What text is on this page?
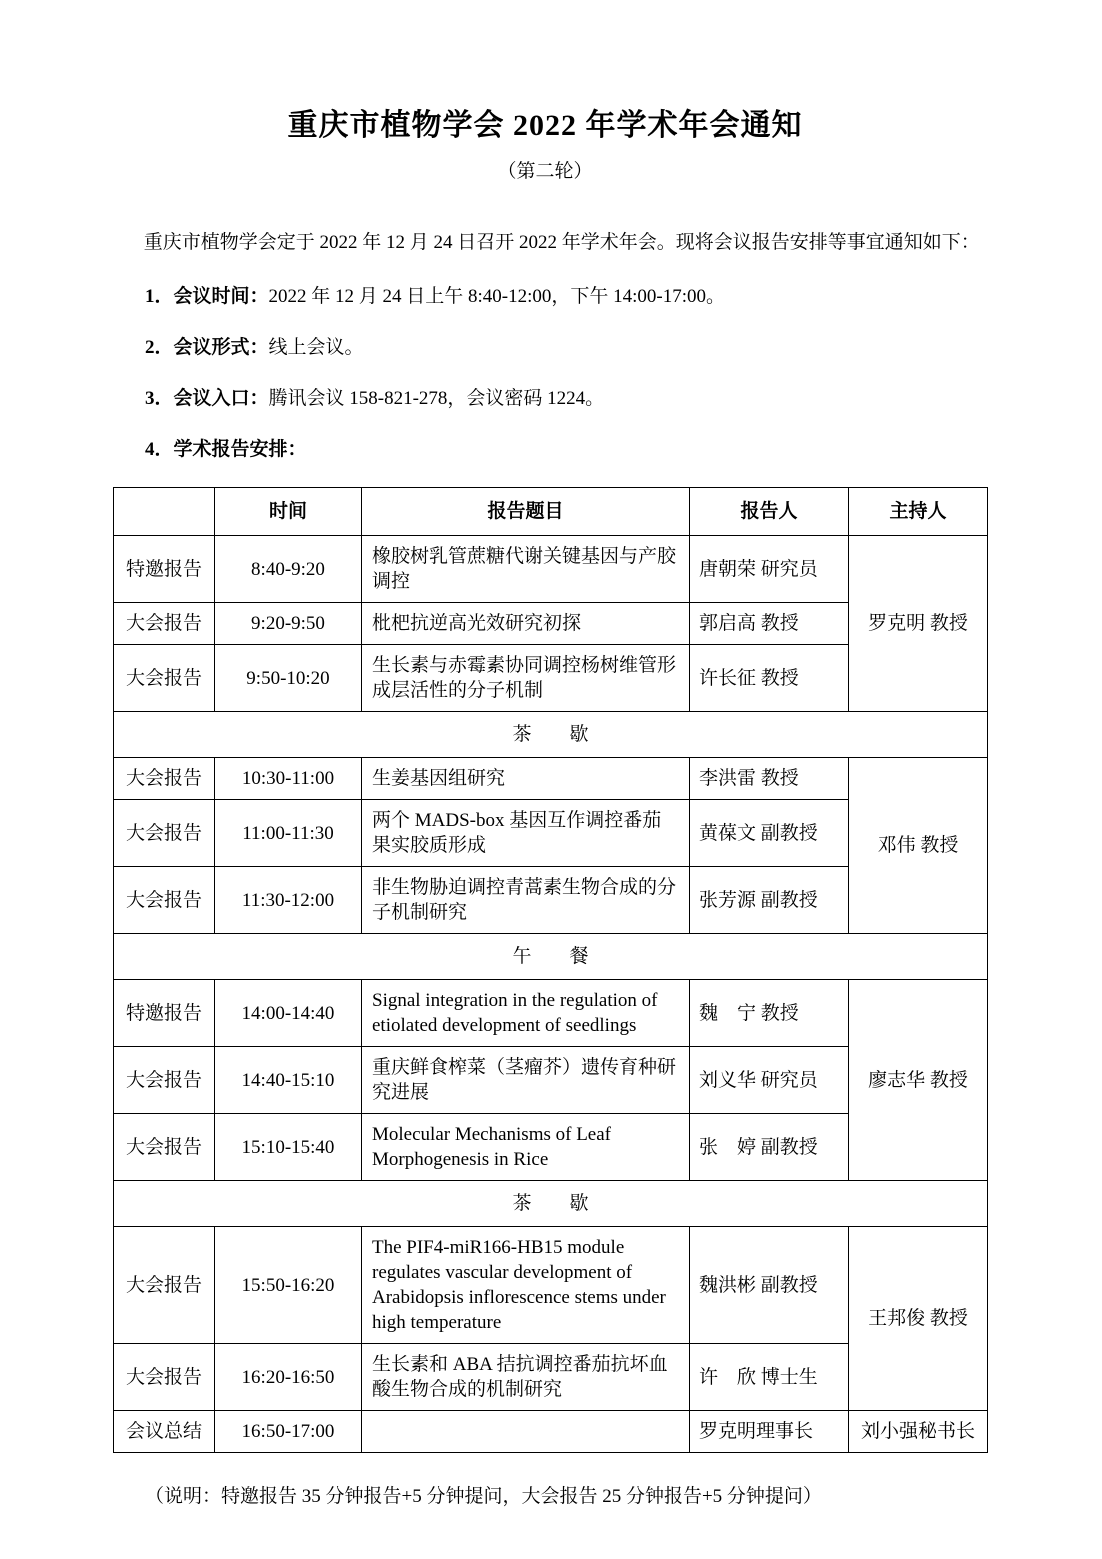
重庆市植物学会 2022 年学术年会通知
（第二轮）

重庆市植物学会定于 2022 年 12 月 24 日召开 2022 年学术年会。现将会议报告安排等事宜通知如下：

1．会议时间：2022 年 12 月 24 日上午 8:40-12:00，下午 14:00-17:00。

2．会议形式：线上会议。

3．会议入口：腾讯会议 158-821-278，会议密码 1224。

4．学术报告安排：

	时间	报告题目	报告人	主持人
特邀报告	8:40-9:20	橡胶树乳管蔗糖代谢关键基因与产胶调控	唐朝荣 研究员	罗克明 教授
大会报告	9:20-9:50	枇杷抗逆高光效研究初探	郭启高 教授	
大会报告	9:50-10:20	生长素与赤霉素协同调控杨树维管形成层活性的分子机制	许长征 教授	
茶　　歇				
大会报告	10:30-11:00	生姜基因组研究	李洪雷 教授	邓伟 教授
大会报告	11:00-11:30	两个 MADS-box 基因互作调控番茄果实胶质形成	黄葆文 副教授	
大会报告	11:30-12:00	非生物胁迫调控青蒿素生物合成的分子机制研究	张芳源 副教授	
午　　餐				
特邀报告	14:00-14:40	Signal integration in the regulation of etiolated development of seedlings	魏　宁 教授	廖志华 教授
大会报告	14:40-15:10	重庆鲜食榨菜（茎瘤芥）遗传育种研究进展	刘义华 研究员	
大会报告	15:10-15:40	Molecular Mechanisms of Leaf Morphogenesis in Rice	张　婷 副教授	
茶　　歇				
大会报告	15:50-16:20	The PIF4-miR166-HB15 module regulates vascular development of Arabidopsis inflorescence stems under high temperature	魏洪彬 副教授	王邦俊 教授
大会报告	16:20-16:50	生长素和 ABA 拮抗调控番茄抗坏血酸生物合成的机制研究	许　欣 博士生	
会议总结	16:50-17:00		罗克明理事长	刘小强秘书长

（说明：特邀报告 35 分钟报告+5 分钟提问，大会报告 25 分钟报告+5 分钟提问）
